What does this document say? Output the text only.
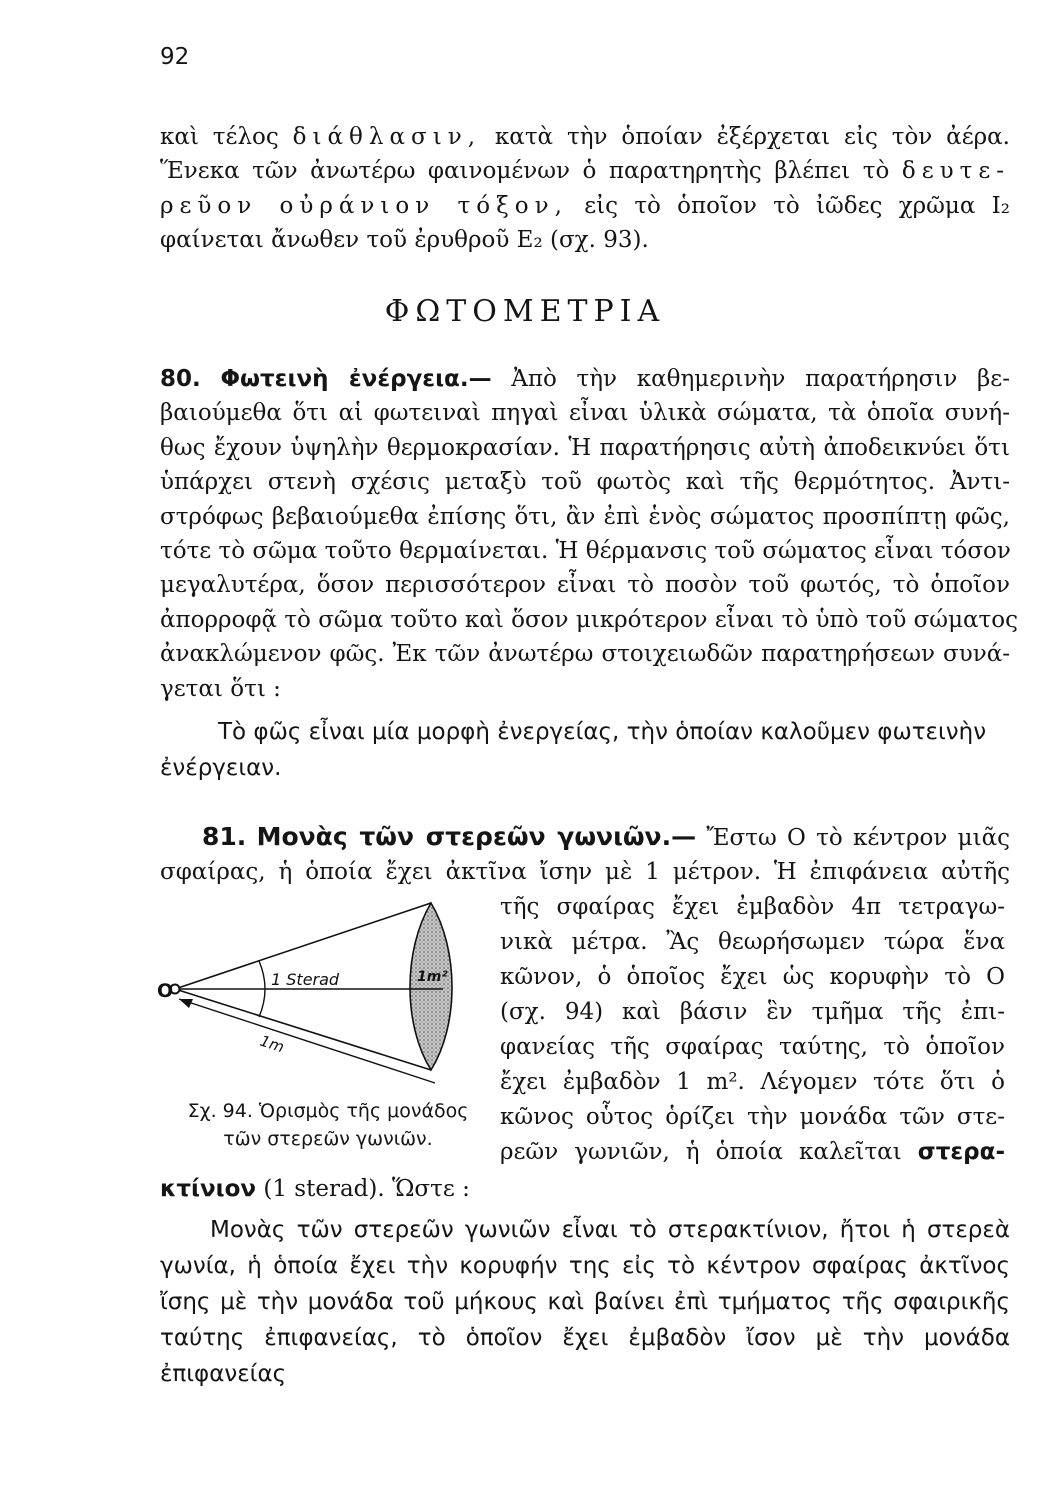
92
καὶ τέλος διάθλασιν, κατὰ τὴν ὁποίαν ἐξέρχεται εἰς τὸν ἀέρα.
Ἕνεκα τῶν ἀνωτέρω φαινομένων ὁ παρατηρητὴς βλέπει τὸ δευτε-
ρεῦον οὐράνιον τόξον, εἰς τὸ ὁποῖον τὸ ἰῶδες χρῶμα I₂
φαίνεται ἄνωθεν τοῦ ἐρυθροῦ E₂ (σχ. 93).
ΦΩΤΟΜΕΤΡΙΑ
80. Φωτεινὴ ἐνέργεια.— Ἀπὸ τὴν καθημερινὴν παρατήρησιν βε-
βαιούμεθα ὅτι αἱ φωτειναὶ πηγαὶ εἶναι ὑλικὰ σώματα, τὰ ὁποῖα συνή-
θως ἔχουν ὑψηλὴν θερμοκρασίαν. Ἡ παρατήρησις αὐτὴ ἀποδεικνύει ὅτι
ὑπάρχει στενὴ σχέσις μεταξὺ τοῦ φωτὸς καὶ τῆς θερμότητος. Ἀντι-
στρόφως βεβαιούμεθα ἐπίσης ὅτι, ἂν ἐπὶ ἑνὸς σώματος προσπίπτῃ φῶς,
τότε τὸ σῶμα τοῦτο θερμαίνεται. Ἡ θέρμανσις τοῦ σώματος εἶναι τόσον
μεγαλυτέρα, ὅσον περισσότερον εἶναι τὸ ποσὸν τοῦ φωτός, τὸ ὁποῖον
ἀπορροφᾷ τὸ σῶμα τοῦτο καὶ ὅσον μικρότερον εἶναι τὸ ὑπὸ τοῦ σώματος
ἀνακλώμενον φῶς. Ἐκ τῶν ἀνωτέρω στοιχειωδῶν παρατηρήσεων συνά-
γεται ὅτι :
Τὸ φῶς εἶναι μία μορφὴ ἐνεργείας, τὴν ὁποίαν καλοῦμεν φωτεινὴν
ἐνέργειαν.
81. Μονὰς τῶν στερεῶν γωνιῶν.— Ἔστω O τὸ κέντρον μιᾶς
σφαίρας, ἡ ὁποία ἔχει ἀκτῖνα ἴσην μὲ 1 μέτρον. Ἡ ἐπιφάνεια αὐτῆς
O
1 Sterad	1m²
1m
Σχ. 94. Ὁρισμὸς τῆς μονάδος
τῶν στερεῶν γωνιῶν.
τῆς σφαίρας ἔχει ἐμβαδὸν 4π τετραγω-
νικὰ μέτρα. Ἂς θεωρήσωμεν τώρα ἕνα
κῶνον, ὁ ὁποῖος ἔχει ὡς κορυφὴν τὸ O
(σχ. 94) καὶ βάσιν ἓν τμῆμα τῆς ἐπι-
φανείας τῆς σφαίρας ταύτης, τὸ ὁποῖον
ἔχει ἐμβαδὸν 1 m². Λέγομεν τότε ὅτι ὁ
κῶνος οὗτος ὁρίζει τὴν μονάδα τῶν στε-
ρεῶν γωνιῶν, ἡ ὁποία καλεῖται στερα-
κτίνιον (1 sterad). Ὥστε :
Μονὰς τῶν στερεῶν γωνιῶν εἶναι τὸ στερακτίνιον, ἤτοι ἡ στερεὰ
γωνία, ἡ ὁποία ἔχει τὴν κορυφήν της εἰς τὸ κέντρον σφαίρας ἀκτῖνος
ἴσης μὲ τὴν μονάδα τοῦ μήκους καὶ βαίνει ἐπὶ τμήματος τῆς σφαιρικῆς
ταύτης ἐπιφανείας, τὸ ὁποῖον ἔχει ἐμβαδὸν ἴσον μὲ τὴν μονάδα
ἐπιφανείας
